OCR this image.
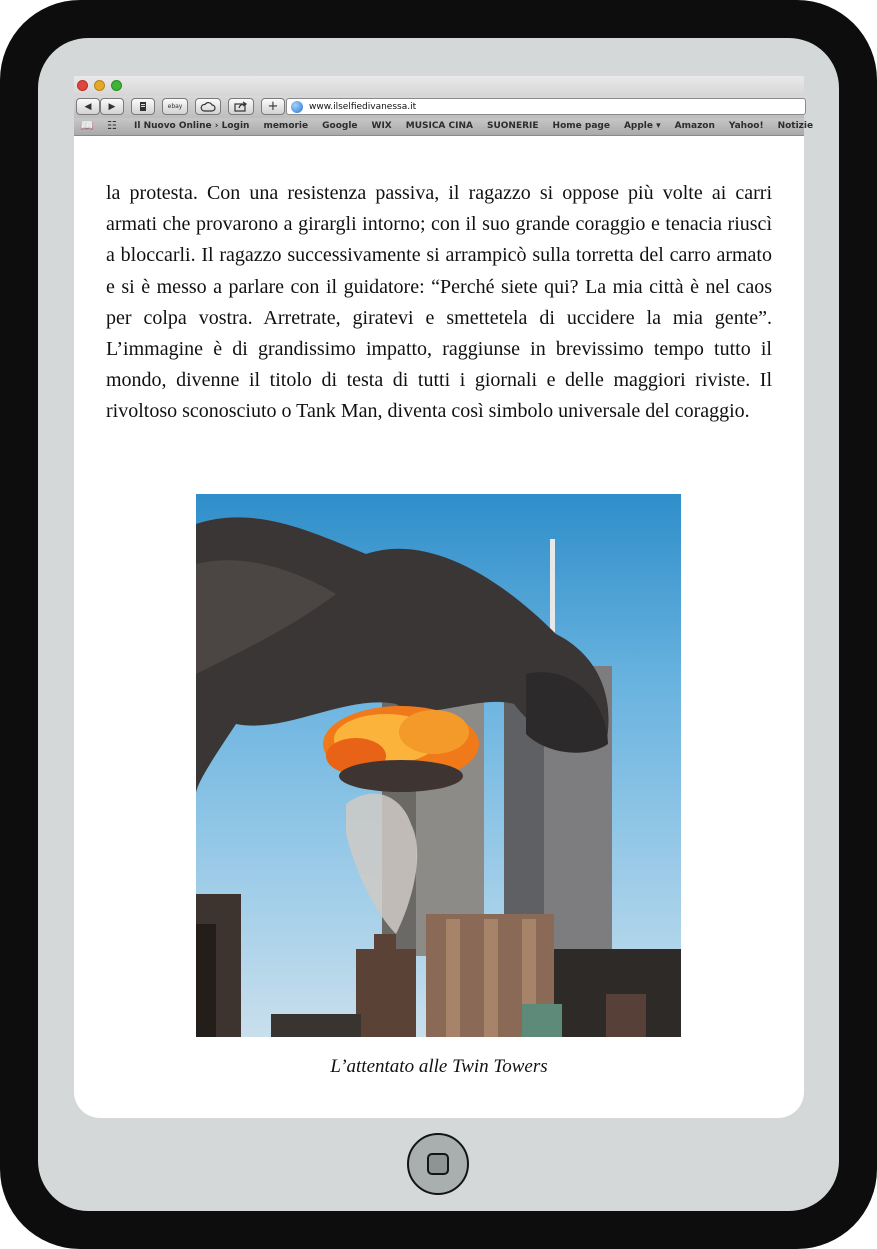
◀	▶	ebay	+	www.ilselfiedivanessa.it
📖 ☷ Il Nuovo Online › Login memorie Google WIX MUSICA CINA SUONERIE Home page Apple ▾ Amazon Yahoo! Notizie

la protesta. Con una resistenza passiva, il ragazzo si oppose più volte ai carri armati che provarono a girargli intorno; con il suo grande coraggio e tenacia riuscì a bloccarli. Il ragazzo successivamente si arrampicò sulla torretta del carro armato e si è messo a parlare con il guidatore: “Perché siete qui? La mia città è nel caos per colpa vostra. Arretrate, giratevi e smettetela di uccidere la mia gente”. L’immagine è di grandissimo impatto, raggiunse in brevissimo tempo tutto il mondo, divenne il titolo di testa di tutti i giornali e delle maggiori riviste. Il rivoltoso sconosciuto o Tank Man, diventa così simbolo universale del coraggio.

L’attentato alle Twin Towers
